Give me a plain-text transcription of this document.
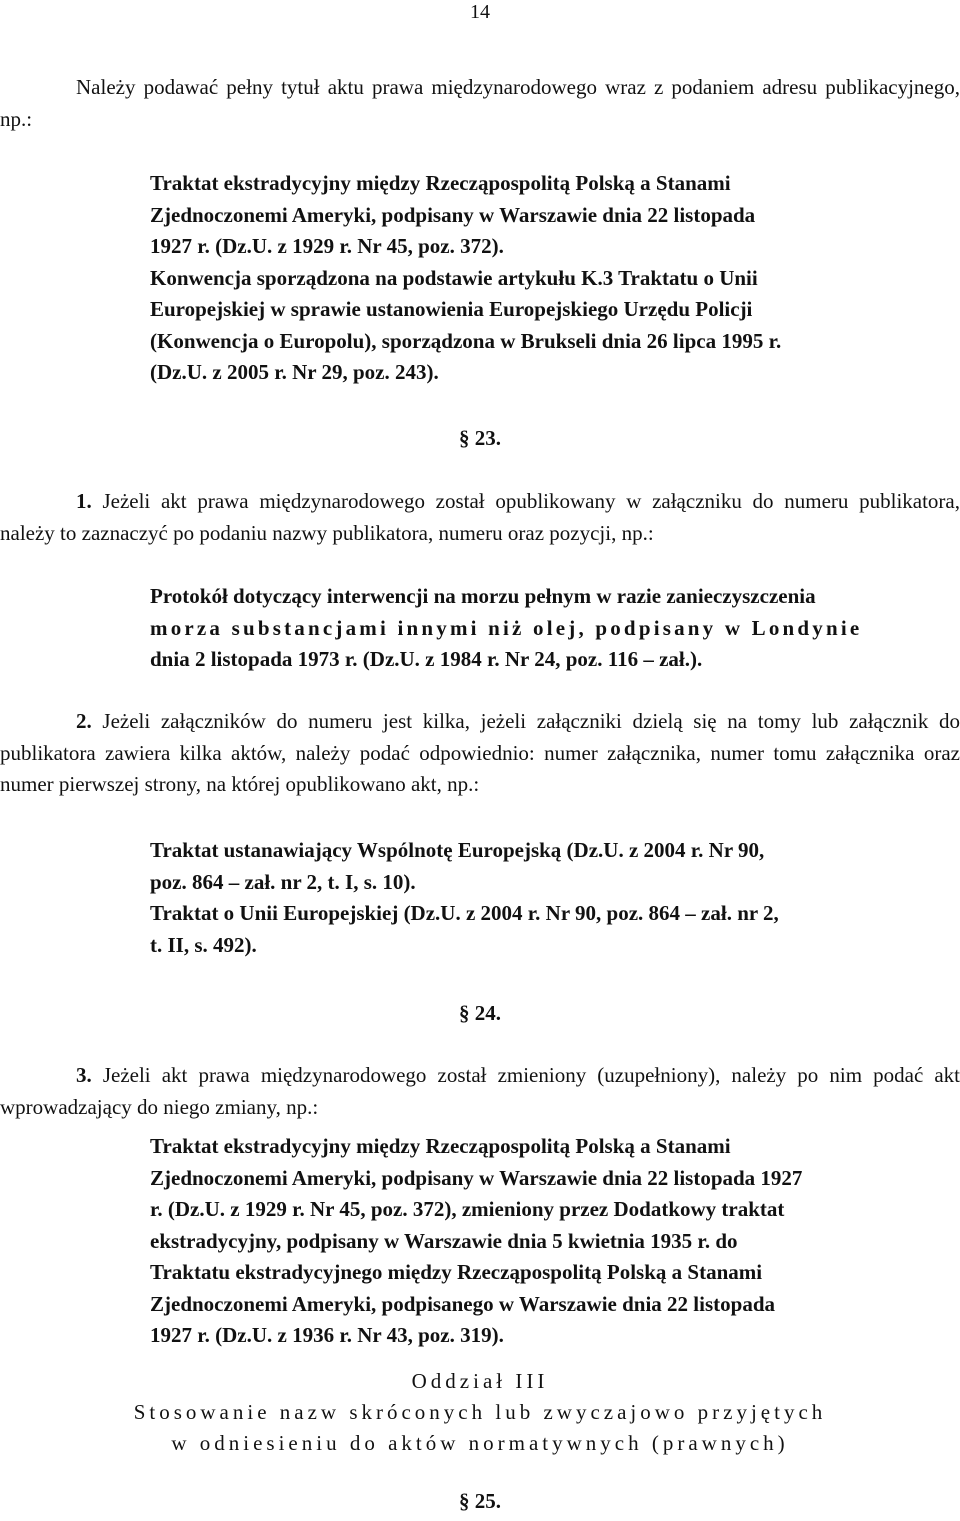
14
Należy podawać pełny tytuł aktu prawa międzynarodowego wraz z podaniem adresu publikacyjnego, np.:
Traktat ekstradycyjny między Rzecząpospolitą Polską a Stanami
Zjednoczonemi Ameryki, podpisany w Warszawie dnia 22 listopada
1927 r. (Dz.U. z 1929 r. Nr 45, poz. 372).
Konwencja sporządzona na podstawie artykułu K.3 Traktatu o Unii
Europejskiej w sprawie ustanowienia Europejskiego Urzędu Policji
(Konwencja o Europolu), sporządzona w Brukseli dnia 26 lipca 1995 r.
(Dz.U. z 2005 r. Nr 29, poz. 243).
§ 23.
1. Jeżeli akt prawa międzynarodowego został opublikowany w załączniku do numeru publikatora, należy to zaznaczyć po podaniu nazwy publikatora, numeru oraz pozycji, np.:
Protokół dotyczący interwencji na morzu pełnym w razie zanieczyszczenia
morza substancjami innymi niż olej, podpisany w Londynie
dnia 2 listopada 1973 r. (Dz.U. z 1984 r. Nr 24, poz. 116 – zał.).
2. Jeżeli załączników do numeru jest kilka, jeżeli załączniki dzielą się na tomy lub załącznik do publikatora zawiera kilka aktów, należy podać odpowiednio: numer załącznika, numer tomu załącznika oraz numer pierwszej strony, na której opublikowano akt, np.:
Traktat ustanawiający Wspólnotę Europejską (Dz.U. z 2004 r. Nr 90,
poz. 864 – zał. nr 2, t. I, s. 10).
Traktat o Unii Europejskiej (Dz.U. z 2004 r. Nr 90, poz. 864 – zał. nr 2,
t. II, s. 492).
§ 24.
3. Jeżeli akt prawa międzynarodowego został zmieniony (uzupełniony), należy po nim podać akt wprowadzający do niego zmiany, np.:
Traktat ekstradycyjny między Rzecząpospolitą Polską a Stanami
Zjednoczonemi Ameryki, podpisany w Warszawie dnia 22 listopada 1927
r. (Dz.U. z 1929 r. Nr 45, poz. 372), zmieniony przez Dodatkowy traktat
ekstradycyjny, podpisany w Warszawie dnia 5 kwietnia 1935 r. do
Traktatu ekstradycyjnego między Rzecząpospolitą Polską a Stanami
Zjednoczonemi Ameryki, podpisanego w Warszawie dnia 22 listopada
1927 r. (Dz.U. z 1936 r. Nr 43, poz. 319).
Oddział III
Stosowanie nazw skróconych lub zwyczajowo przyjętych
w odniesieniu do aktów normatywnych (prawnych)
§ 25.
